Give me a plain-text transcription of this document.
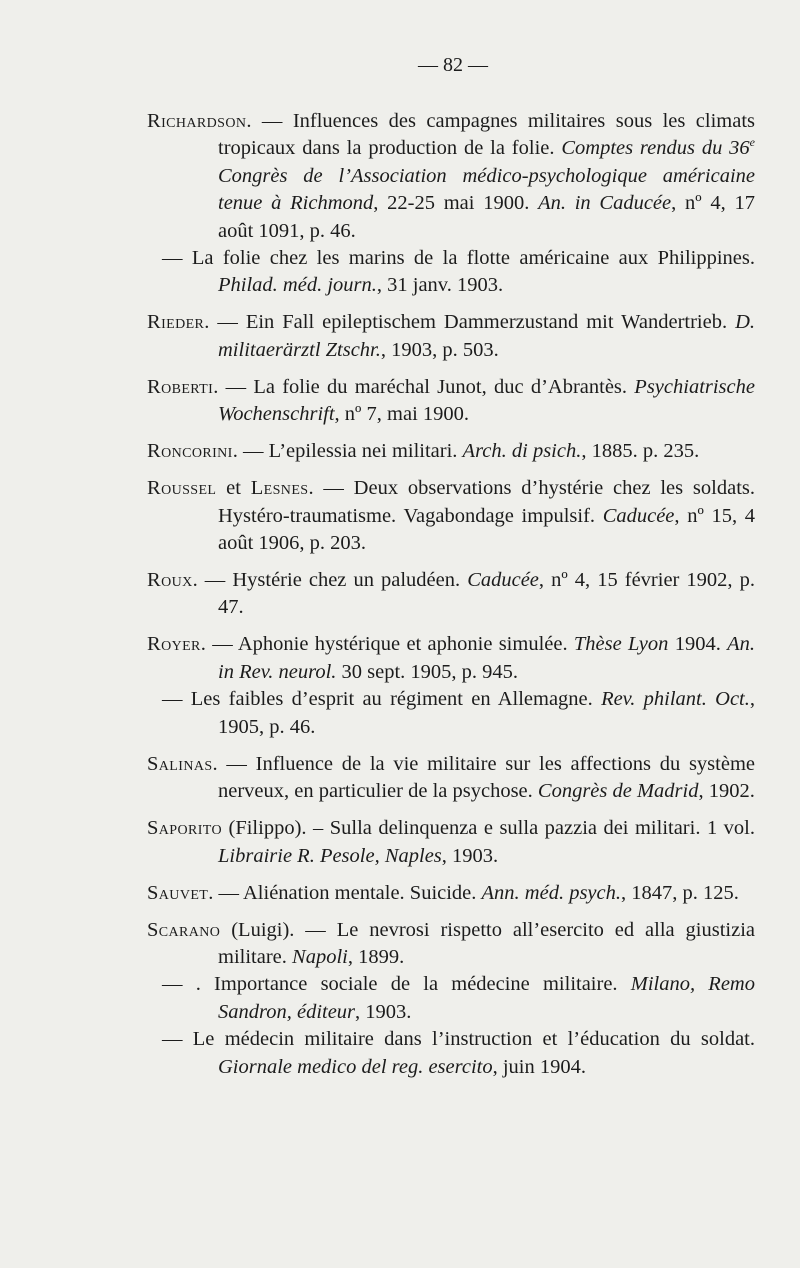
— 82 —

Richardson. — Influences des campagnes militaires sous les climats tropicaux dans la production de la folie. Comptes rendus du 36e Congrès de l’Association médico-psychologique américaine tenue à Richmond, 22-25 mai 1900. An. in Caducée, nº 4, 17 août 1091, p. 46.

— La folie chez les marins de la flotte américaine aux Philippines. Philad. méd. journ., 31 janv. 1903.

Rieder. — Ein Fall epileptischem Dammerzustand mit Wandertrieb. D. militaerärztl Ztschr., 1903, p. 503.

Roberti. — La folie du maréchal Junot, duc d’Abrantès. Psychiatrische Wochenschrift, nº 7, mai 1900.

Roncorini. — L’epilessia nei militari. Arch. di psich., 1885. p. 235.

Roussel et Lesnes. — Deux observations d’hystérie chez les soldats. Hystéro-traumatisme. Vagabondage impulsif. Caducée, nº 15, 4 août 1906, p. 203.

Roux. — Hystérie chez un paludéen. Caducée, nº 4, 15 février 1902, p. 47.

Royer. — Aphonie hystérique et aphonie simulée. Thèse Lyon 1904. An. in Rev. neurol. 30 sept. 1905, p. 945.

— Les faibles d’esprit au régiment en Allemagne. Rev. philant. Oct., 1905, p. 46.

Salinas. — Influence de la vie militaire sur les affections du système nerveux, en particulier de la psychose. Congrès de Madrid, 1902.

Saporito (Filippo). – Sulla delinquenza e sulla pazzia dei militari. 1 vol. Librairie R. Pesole, Naples, 1903.

Sauvet. — Aliénation mentale. Suicide. Ann. méd. psych., 1847, p. 125.

Scarano (Luigi). — Le nevrosi rispetto all’esercito ed alla giustizia militare. Napoli, 1899.

— . Importance sociale de la médecine militaire. Milano, Remo Sandron, éditeur, 1903.

— Le médecin militaire dans l’instruction et l’éducation du soldat. Giornale medico del reg. esercito, juin 1904.
